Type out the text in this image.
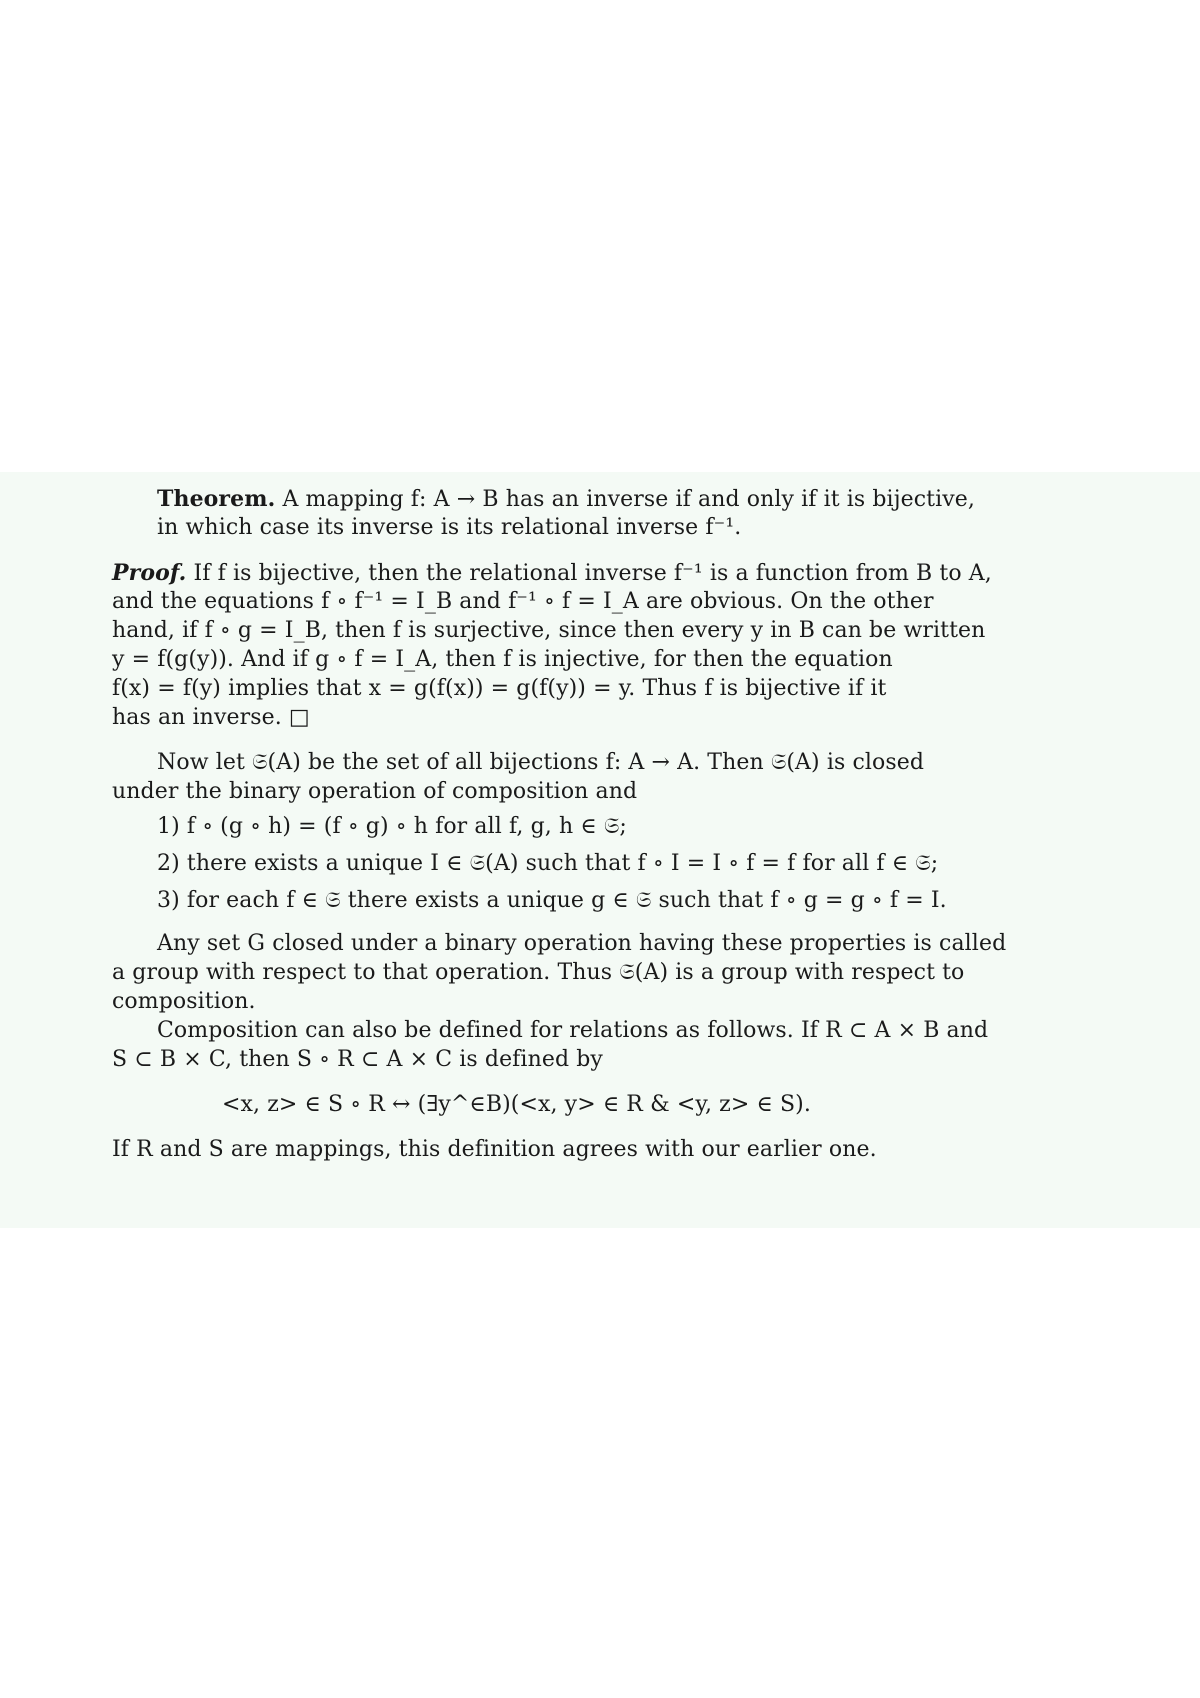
Theorem. A mapping f: A → B has an inverse if and only if it is bijective,
in which case its inverse is its relational inverse f⁻¹.
Proof. If f is bijective, then the relational inverse f⁻¹ is a function from B to A,
and the equations f ∘ f⁻¹ = I_B and f⁻¹ ∘ f = I_A are obvious. On the other
hand, if f ∘ g = I_B, then f is surjective, since then every y in B can be written
y = f(g(y)). And if g ∘ f = I_A, then f is injective, for then the equation
f(x) = f(y) implies that x = g(f(x)) = g(f(y)) = y. Thus f is bijective if it
has an inverse. □
Now let 𝔖(A) be the set of all bijections f: A → A. Then 𝔖(A) is closed
under the binary operation of composition and
1) f ∘ (g ∘ h) = (f ∘ g) ∘ h for all f, g, h ∈ 𝔖;
2) there exists a unique I ∈ 𝔖(A) such that f ∘ I = I ∘ f = f for all f ∈ 𝔖;
3) for each f ∈ 𝔖 there exists a unique g ∈ 𝔖 such that f ∘ g = g ∘ f = I.
Any set G closed under a binary operation having these properties is called
a group with respect to that operation. Thus 𝔖(A) is a group with respect to
composition.
Composition can also be defined for relations as follows. If R ⊂ A × B and
S ⊂ B × C, then S ∘ R ⊂ A × C is defined by
<x, z> ∈ S ∘ R ↔ (∃y^∈B)(<x, y> ∈ R & <y, z> ∈ S).
If R and S are mappings, this definition agrees with our earlier one.
